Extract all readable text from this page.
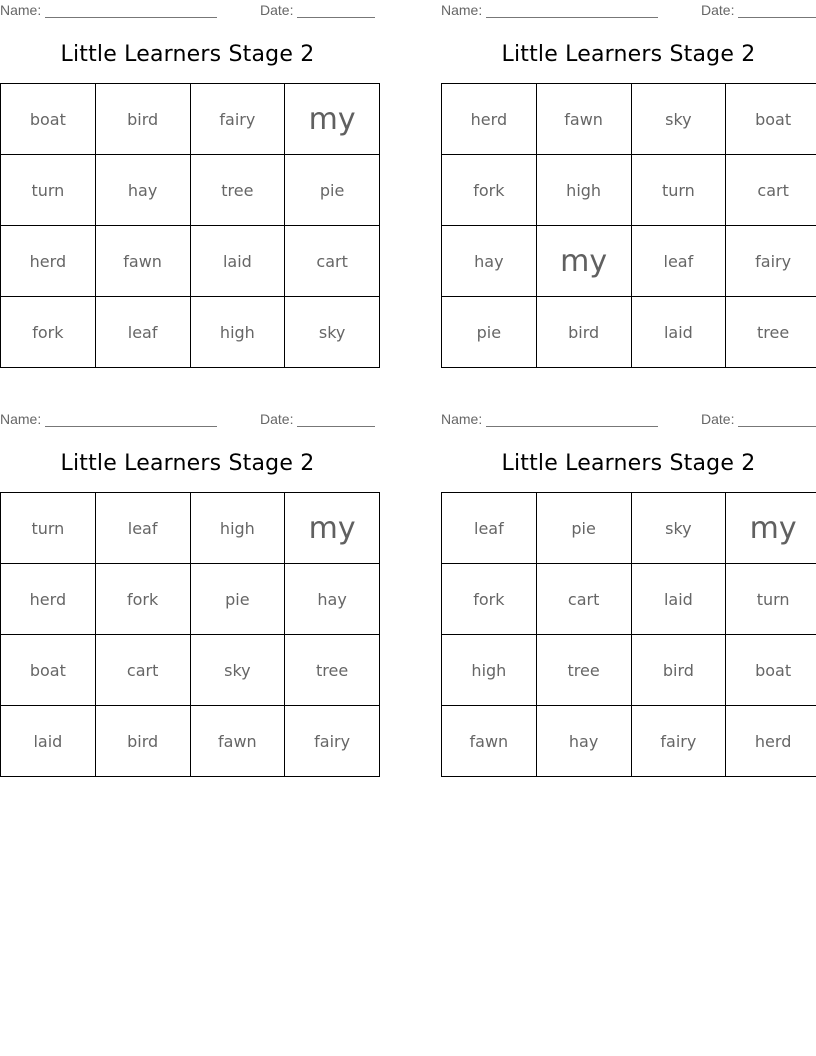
Name:	Date:
Little Learners Stage 2
boat	bird	fairy	my
turn	hay	tree	pie
herd	fawn	laid	cart
fork	leaf	high	sky
Name:	Date:
Little Learners Stage 2
herd	fawn	sky	boat
fork	high	turn	cart
hay	my	leaf	fairy
pie	bird	laid	tree
Name:	Date:
Little Learners Stage 2
turn	leaf	high	my
herd	fork	pie	hay
boat	cart	sky	tree
laid	bird	fawn	fairy
Name:	Date:
Little Learners Stage 2
leaf	pie	sky	my
fork	cart	laid	turn
high	tree	bird	boat
fawn	hay	fairy	herd
